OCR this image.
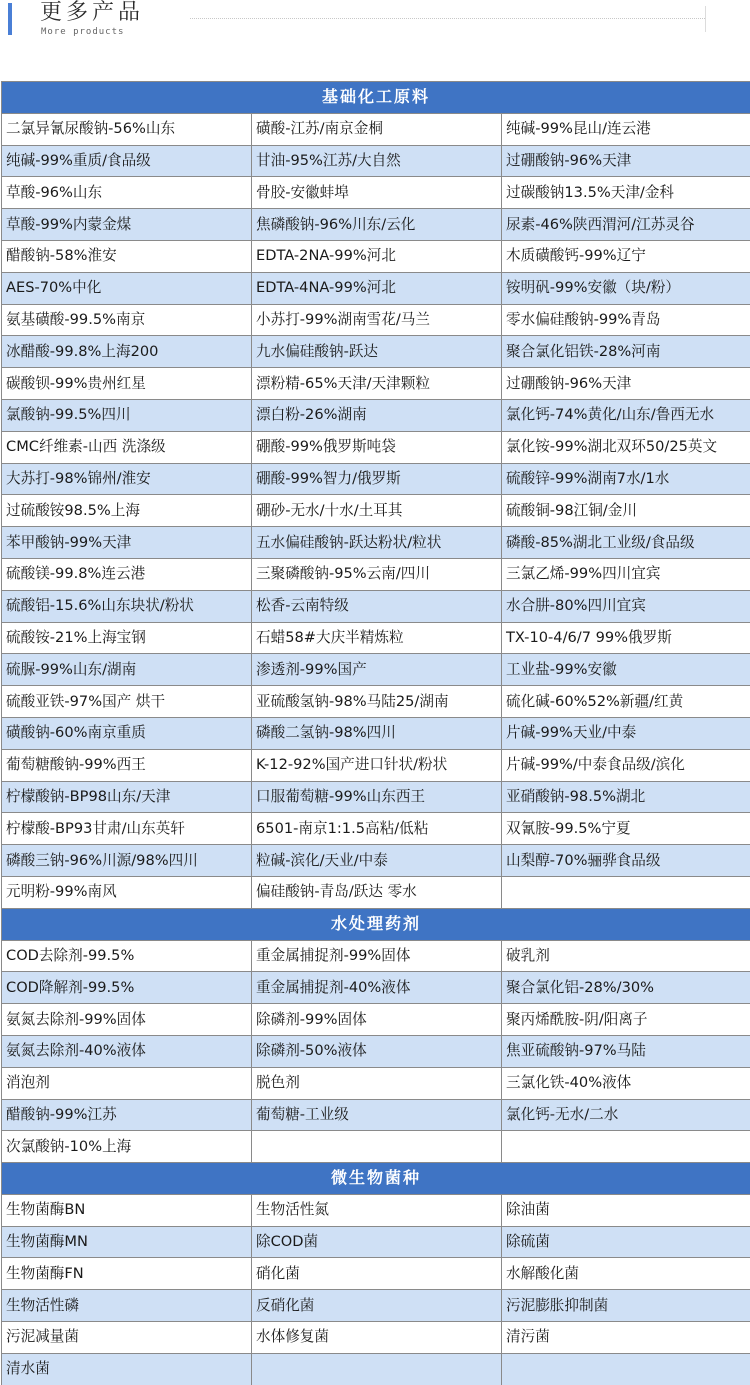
更多产品
More products
基础化工原料		
二氯异氰尿酸钠-56%山东	磺酸-江苏/南京金桐	纯碱-99%昆山/连云港
纯碱-99%重质/食品级	甘油-95%江苏/大自然	过硼酸钠-96%天津
草酸-96%山东	骨胶-安徽蚌埠	过碳酸钠13.5%天津/金科
草酸-99%内蒙金煤	焦磷酸钠-96%川东/云化	尿素-46%陕西渭河/江苏灵谷
醋酸钠-58%淮安	EDTA-2NA-99%河北	木质磺酸钙-99%辽宁
AES-70%中化	EDTA-4NA-99%河北	铵明矾-99%安徽（块/粉）
氨基磺酸-99.5%南京	小苏打-99%湖南雪花/马兰	零水偏硅酸钠-99%青岛
冰醋酸-99.8%上海200	九水偏硅酸钠-跃达	聚合氯化铝铁-28%河南
碳酸钡-99%贵州红星	漂粉精-65%天津/天津颗粒	过硼酸钠-96%天津
氯酸钠-99.5%四川	漂白粉-26%湖南	氯化钙-74%黄化/山东/鲁西无水
CMC纤维素-山西 洗涤级	硼酸-99%俄罗斯吨袋	氯化铵-99%湖北双环50/25英文
大苏打-98%锦州/淮安	硼酸-99%智力/俄罗斯	硫酸锌-99%湖南7水/1水
过硫酸铵98.5%上海	硼砂-无水/十水/土耳其	硫酸铜-98江铜/金川
苯甲酸钠-99%天津	五水偏硅酸钠-跃达粉状/粒状	磷酸-85%湖北工业级/食品级
硫酸镁-99.8%连云港	三聚磷酸钠-95%云南/四川	三氯乙烯-99%四川宜宾
硫酸铝-15.6%山东块状/粉状	松香-云南特级	水合肼-80%四川宜宾
硫酸铵-21%上海宝钢	石蜡58#大庆半精炼粒	TX-10-4/6/7 99%俄罗斯
硫脲-99%山东/湖南	渗透剂-99%国产	工业盐-99%安徽
硫酸亚铁-97%国产 烘干	亚硫酸氢钠-98%马陆25/湖南	硫化碱-60%52%新疆/红黄
磺酸钠-60%南京重质	磷酸二氢钠-98%四川	片碱-99%天业/中泰
葡萄糖酸钠-99%西王	K-12-92%国产进口针状/粉状	片碱-99%/中泰食品级/滨化
柠檬酸钠-BP98山东/天津	口服葡萄糖-99%山东西王	亚硝酸钠-98.5%湖北
柠檬酸-BP93甘肃/山东英轩	6501-南京1:1.5高粘/低粘	双氰胺-99.5%宁夏
磷酸三钠-96%川源/98%四川	粒碱-滨化/天业/中泰	山梨醇-70%骊骅食品级
元明粉-99%南风	偏硅酸钠-青岛/跃达 零水	
水处理药剂		
COD去除剂-99.5%	重金属捕捉剂-99%固体	破乳剂
COD降解剂-99.5%	重金属捕捉剂-40%液体	聚合氯化铝-28%/30%
氨氮去除剂-99%固体	除磷剂-99%固体	聚丙烯酰胺-阴/阳离子
氨氮去除剂-40%液体	除磷剂-50%液体	焦亚硫酸钠-97%马陆
消泡剂	脱色剂	三氯化铁-40%液体
醋酸钠-99%江苏	葡萄糖-工业级	氯化钙-无水/二水
次氯酸钠-10%上海		
微生物菌种		
生物菌酶BN	生物活性氮	除油菌
生物菌酶MN	除COD菌	除硫菌
生物菌酶FN	硝化菌	水解酸化菌
生物活性磷	反硝化菌	污泥膨胀抑制菌
污泥减量菌	水体修复菌	清污菌
清水菌		
